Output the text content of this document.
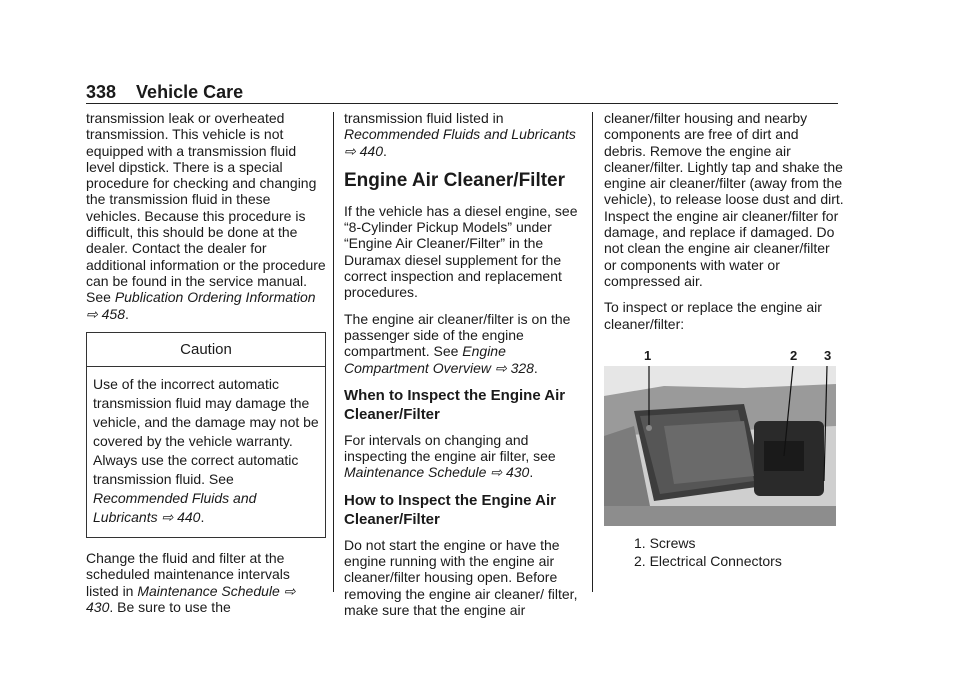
338 Vehicle Care

transmission leak or overheated transmission. This vehicle is not equipped with a transmission fluid level dipstick. There is a special procedure for checking and changing the transmission fluid in these vehicles. Because this procedure is difficult, this should be done at the dealer. Contact the dealer for additional information or the procedure can be found in the service manual. See Publication Ordering Information ⇨ 458.

Caution
Use of the incorrect automatic transmission fluid may damage the vehicle, and the damage may not be covered by the vehicle warranty. Always use the correct automatic transmission fluid. See Recommended Fluids and Lubricants ⇨ 440.

Change the fluid and filter at the scheduled maintenance intervals listed in Maintenance Schedule ⇨ 430. Be sure to use the

transmission fluid listed in Recommended Fluids and Lubricants ⇨ 440.

Engine Air Cleaner/Filter

If the vehicle has a diesel engine, see “8-Cylinder Pickup Models” under “Engine Air Cleaner/Filter” in the Duramax diesel supplement for the correct inspection and replacement procedures.

The engine air cleaner/filter is on the passenger side of the engine compartment. See Engine Compartment Overview ⇨ 328.

When to Inspect the Engine Air Cleaner/Filter

For intervals on changing and inspecting the engine air filter, see Maintenance Schedule ⇨ 430.

How to Inspect the Engine Air Cleaner/Filter

Do not start the engine or have the engine running with the engine air cleaner/filter housing open. Before removing the engine air cleaner/ filter, make sure that the engine air

cleaner/filter housing and nearby components are free of dirt and debris. Remove the engine air cleaner/filter. Lightly tap and shake the engine air cleaner/filter (away from the vehicle), to release loose dust and dirt. Inspect the engine air cleaner/filter for damage, and replace if damaged. Do not clean the engine air cleaner/filter or components with water or compressed air.

To inspect or replace the engine air cleaner/filter:

1	2 3
1. Screws
2. Electrical Connectors
